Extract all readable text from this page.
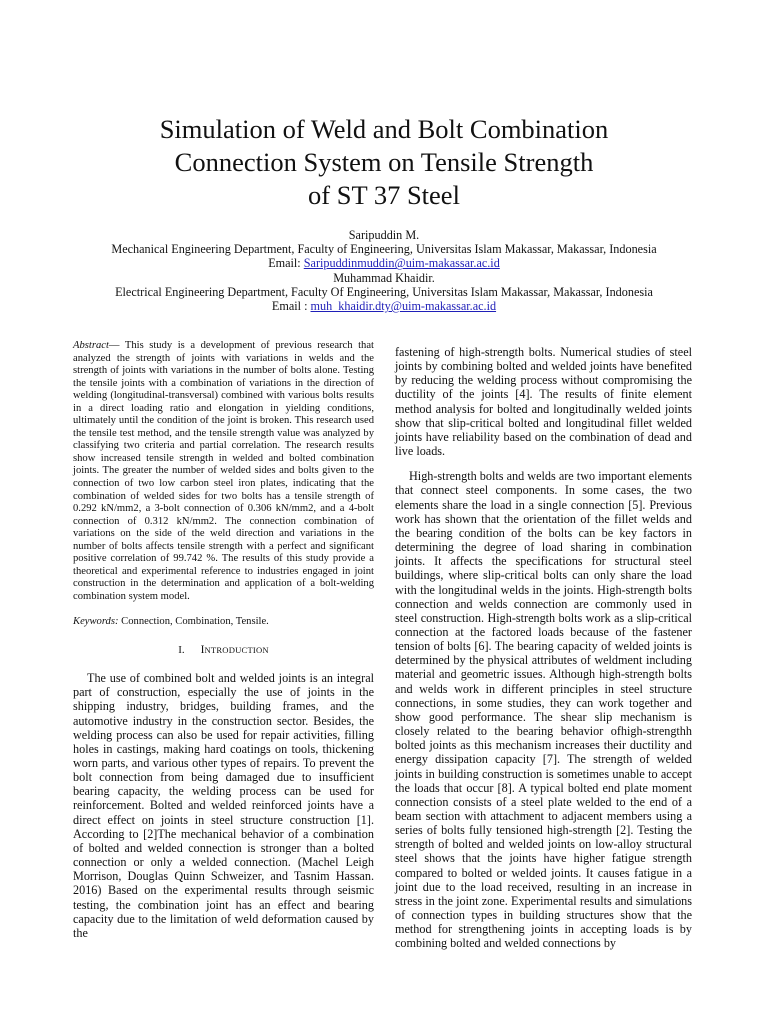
Simulation of Weld and Bolt Combination
Connection System on Tensile Strength
of ST 37 Steel
Saripuddin M.
Mechanical Engineering Department, Faculty of Engineering, Universitas Islam Makassar, Makassar, Indonesia
Email: Saripuddinmuddin@uim-makassar.ac.id
Muhammad Khaidir.
Electrical Engineering Department, Faculty Of Engineering, Universitas Islam Makassar, Makassar, Indonesia
Email : muh_khaidir.dty@uim-makassar.ac.id

Abstract— This study is a development of previous research that analyzed the strength of joints with variations in welds and the strength of joints with variations in the number of bolts alone. Testing the tensile joints with a combination of variations in the direction of welding (longitudinal-transversal) combined with various bolts results in a direct loading ratio and elongation in yielding conditions, ultimately until the condition of the joint is broken. This research used the tensile test method, and the tensile strength value was analyzed by classifying two criteria and partial correlation. The research results show increased tensile strength in welded and bolted combination joints. The greater the number of welded sides and bolts given to the connection of two low carbon steel iron plates, indicating that the combination of welded sides for two bolts has a tensile strength of 0.292 kN/mm2, a 3-bolt connection of 0.306 kN/mm2, and a 4-bolt connection of 0.312 kN/mm2. The connection combination of variations on the side of the weld direction and variations in the number of bolts affects tensile strength with a perfect and significant positive correlation of 99.742 %. The results of this study provide a theoretical and experimental reference to industries engaged in joint construction in the determination and application of a bolt-welding combination system model.

Keywords: Connection, Combination, Tensile.

I. INTRODUCTION

The use of combined bolt and welded joints is an integral part of construction, especially the use of joints in the shipping industry, bridges, building frames, and the automotive industry in the construction sector. Besides, the welding process can also be used for repair activities, filling holes in castings, making hard coatings on tools, thickening worn parts, and various other types of repairs. To prevent the bolt connection from being damaged due to insufficient bearing capacity, the welding process can be used for reinforcement. Bolted and welded reinforced joints have a direct effect on joints in steel structure construction [1]. According to [2]The mechanical behavior of a combination of bolted and welded connection is stronger than a bolted connection or only a welded connection. (Machel Leigh Morrison, Douglas Quinn Schweizer, and Tasnim Hassan. 2016) Based on the experimental results through seismic testing, the combination joint has an effect and bearing capacity due to the limitation of weld deformation caused by the

fastening of high-strength bolts. Numerical studies of steel joints by combining bolted and welded joints have benefited by reducing the welding process without compromising the ductility of the joints [4]. The results of finite element method analysis for bolted and longitudinally welded joints show that slip-critical bolted and longitudinal fillet welded joints have reliability based on the combination of dead and live loads.

High-strength bolts and welds are two important elements that connect steel components. In some cases, the two elements share the load in a single connection [5]. Previous work has shown that the orientation of the fillet welds and the bearing condition of the bolts can be key factors in determining the degree of load sharing in combination joints. It affects the specifications for structural steel buildings, where slip-critical bolts can only share the load with the longitudinal welds in the joints. High-strength bolts connection and welds connection are commonly used in steel construction. High-strength bolts work as a slip-critical connection at the factored loads because of the fastener tension of bolts [6]. The bearing capacity of welded joints is determined by the physical attributes of weldment including material and geometric issues. Although high-strength bolts and welds work in different principles in steel structure connections, in some studies, they can work together and show good performance. The shear slip mechanism is closely related to the bearing behavior ofhigh-strengthh bolted joints as this mechanism increases their ductility and energy dissipation capacity [7]. The strength of welded joints in building construction is sometimes unable to accept the loads that occur [8]. A typical bolted end plate moment connection consists of a steel plate welded to the end of a beam section with attachment to adjacent members using a series of bolts fully tensioned high-strength [2]. Testing the strength of bolted and welded joints on low-alloy structural steel shows that the joints have higher fatigue strength compared to bolted or welded joints. It causes fatigue in a joint due to the load received, resulting in an increase in stress in the joint zone. Experimental results and simulations of connection types in building structures show that the method for strengthening joints in accepting loads is by combining bolted and welded connections by
